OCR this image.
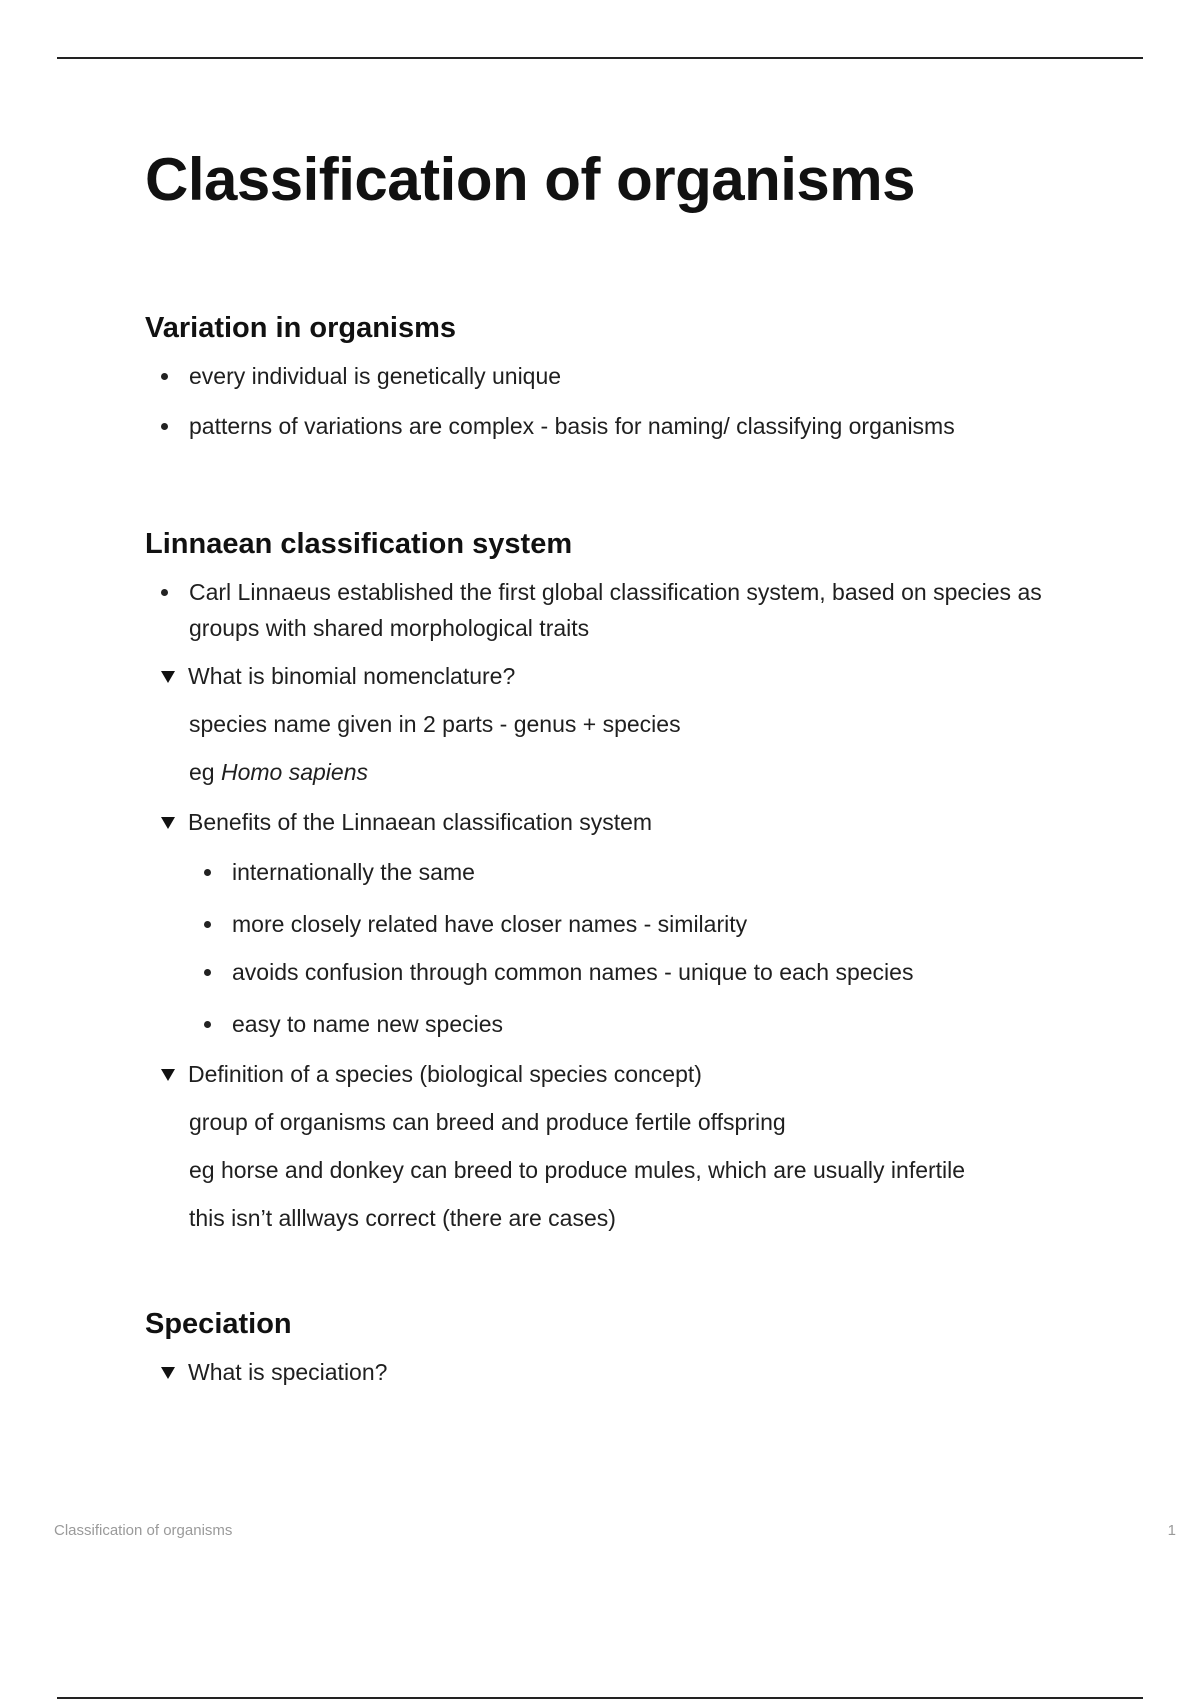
Classification of organisms
Variation in organisms

every individual is genetically unique

patterns of variations are complex - basis for naming/ classifying organisms

Linnaean classification system

Carl Linnaeus established the first global classification system, based on species as groups with shared morphological traits

What is binomial nomenclature?

species name given in 2 parts - genus + species

eg Homo sapiens

Benefits of the Linnaean classification system

internationally the same

more closely related have closer names - similarity

avoids confusion through common names - unique to each species

easy to name new species

Definition of a species (biological species concept)

group of organisms can breed and produce fertile offspring

eg horse and donkey can breed to produce mules, which are usually infertile

this isn’t alllways correct (there are cases)

Speciation

What is speciation?

Classification of organisms	1
